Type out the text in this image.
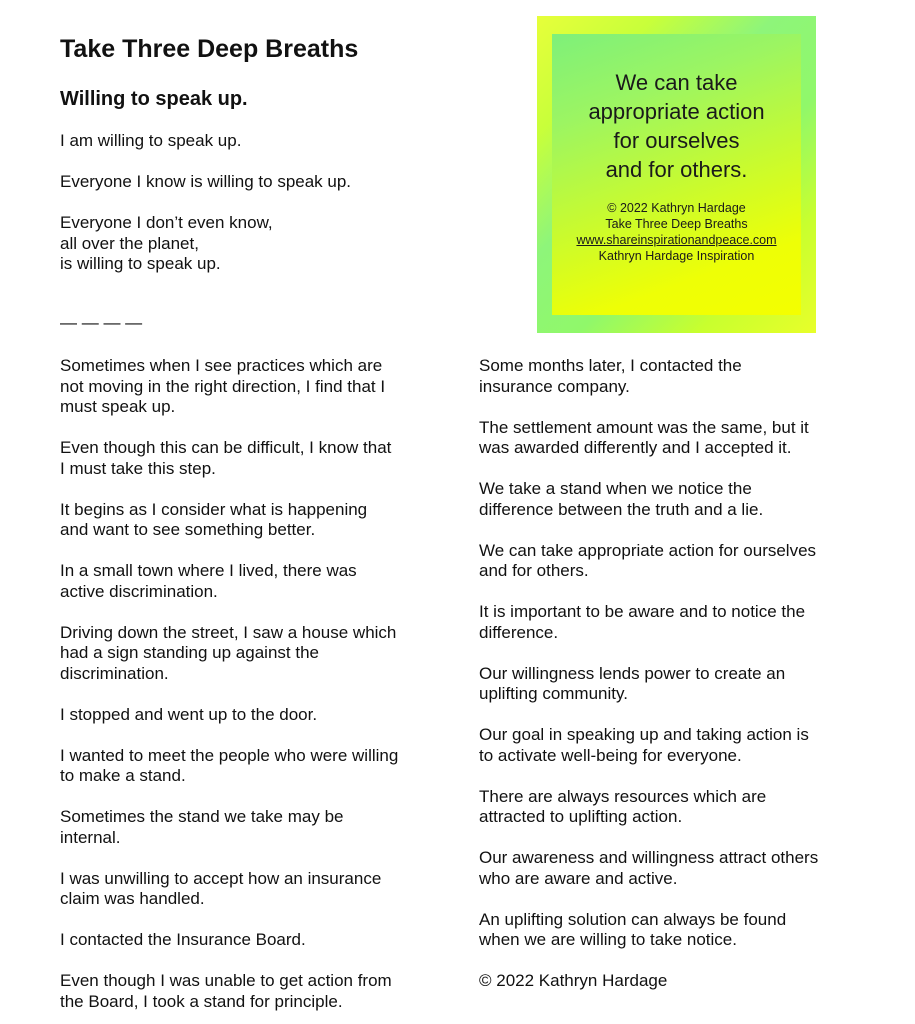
Take Three Deep Breaths
Willing to speak up.

I am willing to speak up.

Everyone I know is willing to speak up.

Everyone I don’t even know,
all over the planet,
is willing to speak up.

— — — —

We can take
appropriate action
for ourselves
and for others.

© 2022 Kathryn Hardage
Take Three Deep Breaths
www.shareinspirationandpeace.com
Kathryn Hardage Inspiration

Sometimes when I see practices which are
not moving in the right direction, I find that I
must speak up.

Even though this can be difficult, I know that
I must take this step.

It begins as I consider what is happening
and want to see something better.

In a small town where I lived, there was
active discrimination.

Driving down the street, I saw a house which
had a sign standing up against the
discrimination.

I stopped and went up to the door.

I wanted to meet the people who were willing
to make a stand.

Sometimes the stand we take may be
internal.

I was unwilling to accept how an insurance
claim was handled.

I contacted the Insurance Board.

Even though I was unable to get action from
the Board, I took a stand for principle.

Some months later, I contacted the
insurance company.

The settlement amount was the same, but it
was awarded differently and I accepted it.

We take a stand when we notice the
difference between the truth and a lie.

We can take appropriate action for ourselves
and for others.

It is important to be aware and to notice the
difference.

Our willingness lends power to create an
uplifting community.

Our goal in speaking up and taking action is
to activate well-being for everyone.

There are always resources which are
attracted to uplifting action.

Our awareness and willingness attract others
who are aware and active.

An uplifting solution can always be found
when we are willing to take notice.

© 2022 Kathryn Hardage
